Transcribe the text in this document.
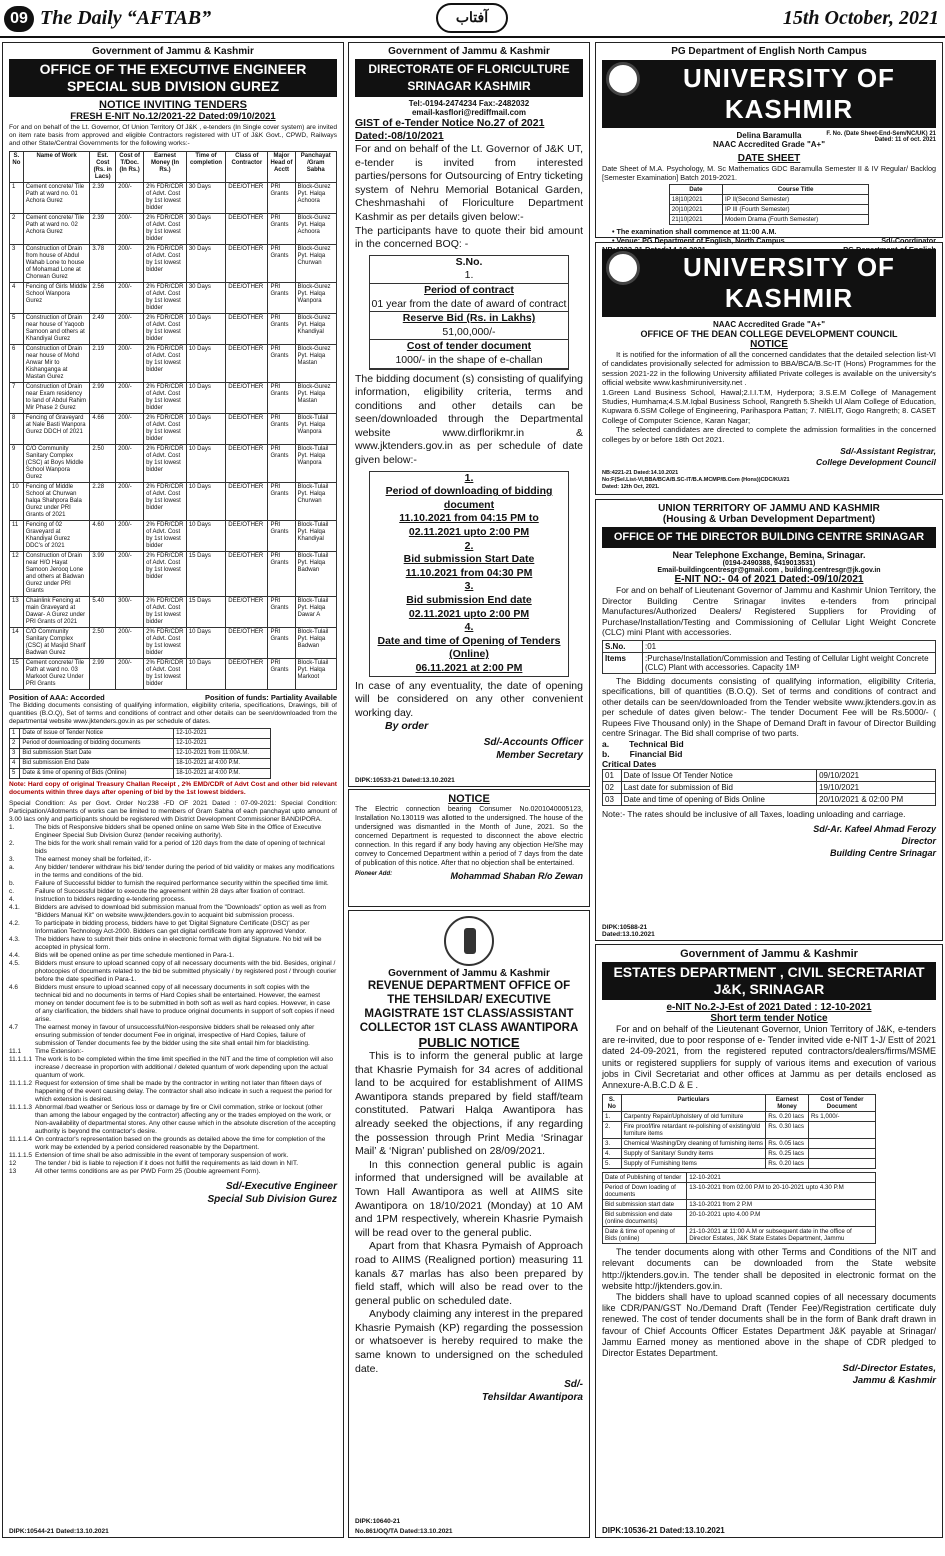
09 The Daily “AFTAB”	آفتاب	15th October, 2021
Government of Jammu & Kashmir
OFFICE OF THE EXECUTIVE ENGINEER SPECIAL SUB DIVISION GUREZ
NOTICE INVITING TENDERS
FRESH E-NIT No.12/2021-22 Dated:09/10/2021
For and on behalf of the Lt. Governor, Of Union Territory Of J&K , e-tenders (In Single cover system) are invited on item rate basis from approved and eligible Contractors registered with UT of J&K Govt., CPWD, Railways and other State/Central Governments for the following works:-
S. No	Name of Work	Est. Cost (Rs. in Lacs)	Cost of T/Doc. (In Rs.)	Earnest Money (In Rs.)	Time of completion	Class of Contractor	Major Head of Acctt	Panchayat /Gram Sabha
1	Cement concrete/ Tile Path at ward no. 01 Achora Gurez	2.39	200/-	2% FDR/CDR of Advt. Cost by 1st lowest bidder	30 Days	DEE/OTHER	PRI Grants	Block-Gurez Pyt. Halqa Achoora
2	Cement concrete/ Tile Path at ward no. 02 Achora Gurez	2.39	200/-	2% FDR/CDR of Advt. Cost by 1st lowest bidder	30 Days	DEE/OTHER	PRI Grants	Block-Gurez Pyt. Halqa Achoora
3	Construction of Drain from house of Abdul Wahab Lone to house of Mohamad Lone at Chorwan Gurez	3.78	200/-	2% FDR/CDR of Advt. Cost by 1st lowest bidder	30 Days	DEE/OTHER	PRI Grants	Block-Gurez Pyt. Halqa Churwan
4	Fencing of Girls Middle School Wanpora Gurez	2.56	200/-	2% FDR/CDR of Advt. Cost by 1st lowest bidder	30 Days	DEE/OTHER	PRI Grants	Block-Gurez Pyt. Halqa Wanpora
5	Construction of Drain near house of Yaqoob Samoon and others at Khandiyal Gurez	2.49	200/-	2% FDR/CDR of Advt. Cost by 1st lowest bidder	10 Days	DEE/OTHER	PRI Grants	Block-Gurez Pyt. Halqa Khandiyal
6	Construction of Drain near house of Mohd Anwar Mir to Kishanganga at Mastan Gurez	2.19	200/-	2% FDR/CDR of Advt. Cost by 1st lowest bidder	10 Days	DEE/OTHER	PRI Grants	Block-Gurez Pyt. Halqa Mastan
7	Construction of Drain near Exam residency to land of Abdul Rahim Mir Phase 2 Gurez	2.99	200/-	2% FDR/CDR of Advt. Cost by 1st lowest bidder	10 Days	DEE/OTHER	PRI Grants	Block-Gurez Pyt. Halqa Mastan
8	Fencing of Graveyard at Nale Basti Wanpora Gurez DDCH of 2021	4.66	200/-	2% FDR/CDR of Advt. Cost by 1st lowest bidder	10 Days	DEE/OTHER	PRI Grants	Block-Tulail Pyt. Halqa Wanpora
9	C/O Community Sanitary Complex (CSC) at Boys Middle School Wanpora Gurez	2.50	200/-	2% FDR/CDR of Advt. Cost by 1st lowest bidder	10 Days	DEE/OTHER	PRI Grants	Block-Tulail Pyt. Halqa Wanpora
10	Fencing of Middle School at Churwan halqa Shahpora Bala Gurez under PRI Grants of 2021	2.28	200/-	2% FDR/CDR of Advt. Cost by 1st lowest bidder	10 Days	DEE/OTHER	PRI Grants	Block-Tulail Pyt. Halqa Churwan
11	Fencing of 02 Graveyard at Khandiyal Gurez DDC's of 2021	4.60	200/-	2% FDR/CDR of Advt. Cost by 1st lowest bidder	10 Days	DEE/OTHER	PRI Grants	Block-Tulail Pyt. Halqa Khandiyal
12	Construction of Drain near H/O Hayat Samoon Jerooq Lone and others at Badwan Gurez under PRI Grants	3.99	200/-	2% FDR/CDR of Advt. Cost by 1st lowest bidder	15 Days	DEE/OTHER	PRI Grants	Block-Tulail Pyt. Halqa Badwan
13	Chainlink Fencing at main Graveyard at Dawar- A Gurez under PRI Grants of 2021	5.40	300/-	2% FDR/CDR of Advt. Cost by 1st lowest bidder	15 Days	DEE/OTHER	PRI Grants	Block-Tulail Pyt. Halqa Dawar A
14	C/O Community Sanitary Complex (CSC) at Masjid Sharif Badwan Gurez	2.50	200/-	2% FDR/CDR of Advt. Cost by 1st lowest bidder	10 Days	DEE/OTHER	PRI Grants	Block-Tulail Pyt. Halqa Badwan
15	Cement concrete/ Tile Path at ward no. 03 Markoot Gurez Under PRI Grants	2.99	200/-	2% FDR/CDR of Advt. Cost by 1st lowest bidder	10 Days	DEE/OTHER	PRI Grants	Block-Tulail Pyt. Halqa Markoot
Position of AAA: Accorded	Position of funds: Partiality Available
The Bidding documents consisting of qualifying information, eligibility criteria, specifications, Drawings, bill of quantities (B.O.Q), Set of terms and conditions of contract and other details can be seen/downloaded from the departmental website www.jktenders.gov.in as per schedule of dates.
1	Date of Issue of Tender Notice	12-10-2021
2	Period of downloading of bidding documents	12-10-2021
3	Bid submission Start Date	12-10-2021 from 11:00A.M.
4	Bid submission End Date	18-10-2021 at 4:00 P.M.
5	Date & time of opening of Bids (Online)	18-10-2021 at 4:00 P.M.
Note: Hard copy of original Treasury Challan Receipt , 2% EMD/CDR of Advt Cost and other bid relevant documents within three days after opening of bid by the 1st lowest bidders.
Special Condition: As per Govt. Order No:238 -FD OF 2021 Dated : 07-09-2021: Special Condition: Participation/Allotments of works can be limited to members of Gram Sabha of each panchayat upto amount of 3.00 lacs only and participants should be registered with District Development Commissioner BANDIPORA.
1.	The bids of Responsive bidders shall be opened online on same Web Site in the Office of Executive Engineer Special Sub Division Gurez (tender receiving authority).
2.	The bids for the work shall remain valid for a period of 120 days from the date of opening of technical bids
3.	The earnest money shall be forfeited, if:-
a.	Any bidder/ tenderer withdraw his bid/ tender during the period of bid validity or makes any modifications in the terms and conditions of the bid.
b.	Failure of Successful bidder to furnish the required performance security within the specified time limit.
c.	Failure of Successful bidder to execute the agreement within 28 days after fixation of contract.
4.	Instruction to bidders regarding e-tendering process.
4.1.	Bidders are advised to download bid submission manual from the "Downloads" option as well as from "Bidders Manual Kit" on website www.jktenders.gov.in to acquaint bid submission process.
4.2.	To participate in bidding process, bidders have to get 'Digital Signature Certificate (DSC)' as per Information Technology Act-2000. Bidders can get digital certificate from any approved Vendor.
4.3.	The bidders have to submit their bids online in electronic format with digital Signature. No bid will be accepted in physical form.
4.4.	Bids will be opened online as per time schedule mentioned in Para-1.
4.5.	Bidders must ensure to upload scanned copy of all necessary documents with the bid. Besides, original / photocopies of documents related to the bid be submitted physically / by registered post / through courier before the date specified in Para-1.
4.6	Bidders must ensure to upload scanned copy of all necessary documents in soft copies with the technical bid and no documents in terms of Hard Copies shall be entertained. However, the earnest money on tender document fee is to be submitted in both soft as well as hard copies. However, in case of any clarification, the bidders shall have to produce original documents in support of soft copies if need arise.
4.7	The earnest money in favour of unsuccessful/Non-responsive bidders shall be released only after ensuring submission of tender document Fee in original, irrespective of Hard Copies, failure of submission of Tender documents fee by the bidder using the site shall entail him for blacklisting.
11.1	Time Extension:-
11.1.1.1 The work is to be completed within the time limit specified in the NIT and the time of completion will also increase / decrease in proportion with additional / deleted quantum of work depending upon the actual quantum of work.
11.1.1.2 Request for extension of time shall be made by the contractor in writing not later than fifteen days of happening of the event causing delay. The contractor shall also indicate in such a request the period for which extension is desired.
11.1.1.3 Abnormal /bad weather or Serious loss or damage by fire or Civil commation, strike or lockout (other than among the labour engaged by the contractor) affecting any or the trades employed on the work, or Non-availability of departmental stores. Any other cause which in the absolute discretion of the accepting authority is beyond the contractor's desire.
11.1.1.4 On contractor's representation based on the grounds as detailed above the time for completion of the work may be extended by a period considered reasonable by the Department.
11.1.1.5 Extension of time shall be also admissible in the event of temporary suspension of work.
12	The tender / bid is liable to rejection if it does not fulfill the requirements as laid down in NIT.
13	All other terms conditions are as per PWD Form 25 (Double agreement Form).
Sd/-Executive Engineer
Special Sub Division Gurez
DIPK:10544-21 Dated:13.10.2021
Government of Jammu & Kashmir
DIRECTORATE OF FLORICULTURE SRINAGAR KASHMIR
Tel:-0194-2474234 Fax:-2482032
email-kasflori@rediffmail.com
GIST of e-Tender Notice No.27 of 2021 Dated:-08/10/2021
For and on behalf of the Lt. Governor of J&K UT, e-tender is invited from interested parties/persons for Outsourcing of Entry ticketing system of Nehru Memorial Botanical Garden, Cheshmashahi of Floriculture Department Kashmir as per details given below:-
The participants have to quote their bid amount in the concerned BOQ: -
S.No.
1.
Period of contract
01 year from the date of award of contract
Reserve Bid (Rs. in Lakhs)
51,00,000/-
Cost of tender document
1000/- in the shape of e-challan
The bidding document (s) consisting of qualifying information, eligibility criteria, terms and conditions and other details can be seen/downloaded through the Departmental website www.dirflorikmr.in & www.jktenders.gov.in as per schedule of date given below:-
1.
Period of downloading of bidding document
11.10.2021 from 04:15 PM to
02.11.2021 upto 2:00 PM
2.
Bid submission Start Date
11.10.2021 from 04:30 PM
3.
Bid submission End date
02.11.2021 upto 2:00 PM
4.
Date and time of Opening of Tenders (Online)
06.11.2021 at 2:00 PM
In case of any eventuality, the date of opening will be considered on any other convenient working day.
By order
Sd/-Accounts Officer
Member Secretary
DIPK:10533-21 Dated:13.10.2021
NOTICE
The Electric connection bearing Consumer No.0201040005123, Installation No.130119 was allotted to the undersigned. The house of the undersigned was dismantled in the Month of June, 2021. So the concerned Department is requested to disconnect the above electric connection. In this regard if any body having any objection He/She may convey to Concerned Department within a period of 7 days from the date of publication of this notice. After that no objection shall be entertained.
Pioneer Add:	Mohammad Shaban R/o Zewan
Government of Jammu & Kashmir
REVENUE DEPARTMENT OFFICE OF THE TEHSILDAR/ EXECUTIVE MAGISTRATE 1ST CLASS/ASSISTANT COLLECTOR 1ST CLASS AWANTIPORA
PUBLIC NOTICE
This is to inform the general public at large that Khasrie Pymaish for 34 acres of additional land to be acquired for establishment of AIIMS Awantipora stands prepared by field staff/team constituted. Patwari Halqa Awantipora has already seeked the objections, if any regarding the possession through Print Media ‘Srinagar Mail’ & ‘Nigran’ published on 28/09/2021.
In this connection general public is again informed that undersigned will be available at Town Hall Awantipora as well at AIIMS site Awantipora on 18/10/2021 (Monday) at 10 AM and 1PM respectively, wherein Khasrie Pymaish will be read over to the general public.
Apart from that Khasra Pymaish of Approach road to AIIMS (Realigned portion) measuring 11 kanals &7 marlas has also been prepared by field staff, which will also be read over to the general public on scheduled date.
Anybody claiming any interest in the prepared Khasrie Pymaish (KP) regarding the possession or whatsoever is hereby required to make the same known to undersigned on the scheduled date.
Sd/-
Tehsildar Awantipora
DIPK:10640-21
No.861/OQ/TA Dated:13.10.2021
PG Department of English North Campus
UNIVERSITY OF KASHMIR
Delina Baramulla
NAAC Accredited Grade "A+"
F. No. (Date Sheet-End-Sem/NC/UK) 21
Dated: 11 of oct. 2021
DATE SHEET
Date Sheet of M.A. Psychology, M. Sc Mathematics GDC Baramulla Semester II & IV Regular/ Backlog [Semester Examination] Batch 2019-2021.
Date	Course Title
18|10|2021	IP II(Second Semester)
20|10|2021	IP III (Fourth Semester)
21|10|2021	Modern Drama (Fourth Semester)
• The examination shall commence at 11:00 A.M.
• Venue: PG Department of English, North Campus	Sd/-Coordinator
UNIVERSITY OF KASHMIR
NAAC Accredited Grade "A+"
OFFICE OF THE DEAN COLLEGE DEVELOPMENT COUNCIL
NOTICE
It is notified for the information of all the concerned candidates that the detailed selection list-VI of candidates provisionally selected for admission to BBA/BCA/B.Sc-IT (Hons) Programmes for the session 2021-22 in the following University affiliated Private colleges is available on the university's official website www.kashmiruniversity.net .
1.Green Land Business School, Hawal;2.I.I.T.M, Hyderpora; 3.S.E.M College of Management Studies, Humhama;4.S.M.Iqbal Business School, Rangreth 5.Sheikh Ul Alam College of Education, Kupwara 6.SSM College of Engineering, Parihaspora Pattan; 7. NIELIT, Gogo Rangreth; 8. CASET College of Computer Science, Karan Nagar;
The selected candidates are directed to complete the admission formalities in the concerned colleges by or before 18th Oct 2021.
Sd/-Assistant Registrar,
College Development Council
NB:4221-21 Dated:14.10.2021
No:F(Sel.List-VI,BBA/BCA/B.SC-IT/B.A.MCMP/B.Com (Hons))CDC/KU/21
Dated: 12th Oct, 2021.
UNION TERRITORY OF JAMMU AND KASHMIR
(Housing & Urban Development Department)
OFFICE OF THE DIRECTOR BUILDING CENTRE SRINAGAR
Near Telephone Exchange, Bemina, Srinagar.
(0194-2490388, 9419013531)
Email-buildingcentresgr@gmail.com , building.centresgr@jk.gov.in
E-NIT NO:- 04 of 2021 Dated:-09/10/2021
For and on behalf of Lieutenant Governor of Jammu and Kashmir Union Territory, the Director Building Centre Srinagar invites e-tenders from principal Manufactures/Authorized Dealers/ Registered Suppliers for Providing of Purchase/Installation/Testing and Commissioning of Cellular Light Weight Concrete (CLC) mini Plant with accessories.
S.No.	:01
Items	:Purchase/Installation/Commission and Testing of Cellular Light weight Concrete (CLC) Plant with accessories. Capacity 1M³
The Bidding documents consisting of qualifying information, eligibility Criteria, specifications, bill of quantities (B.O.Q). Set of terms and conditions of contract and other details can be seen/downloaded from the Tender website www.jktenders.gov.in as per schedule of dates given below:- The tender Document Fee will be Rs.5000/- ( Rupees Five Thousand only) in the Shape of Demand Draft in favour of Director Building centre Srinagar. The Bid shall comprise of two parts.
a. Technical Bid
b. Financial Bid
Critical Dates
01	Date of Issue Of Tender Notice	09/10/2021
02	Last date for submission of Bid	19/10/2021
03	Date and time of opening of Bids Online	20/10/2021 & 02:00 PM
Note:- The rates should be inclusive of all Taxes, loading unloading and carriage.
Sd/-Ar. Kafeel Ahmad Ferozy
Director
Building Centre Srinagar
DIPK:10588-21 Dated:13.10.2021
Government of Jammu & Kashmir
ESTATES DEPARTMENT , CIVIL SECRETARIAT J&K, SRINAGAR
e-NIT No.2-J-Est of 2021 Dated : 12-10-2021
Short term tender Notice
For and on behalf of the Lieutenant Governor, Union Territory of J&K, e-tenders are re-invited, due to poor response of e- Tender invited vide e-NIT 1-J/ Estt of 2021 dated 24-09-2021, from the registered reputed contractors/dealers/firms/MSME units or registered suppliers for supply of various items and execution of various jobs in Civil Secretariat and other offices at Jammu as per details enclosed as Annexure-A.B.C.D & E .
S. No	Particulars	Earnest Money	Cost of Tender Document
1.	Carpentry Repair/Upholstery of old furniture	Rs. 0.20 lacs	Rs 1,000/-
2.	Fire proof/fire retardant re-polishing of existing/old furniture items	Rs. 0.30 lacs	
3.	Chemical Washing/Dry cleaning of furnishing items	Rs. 0.05 lacs	
4.	Supply of Sanitary/ Sundry items	Rs. 0.25 lacs	
5.	Supply of Furnishing Items	Rs. 0.20 lacs	
Date of Publishing of tender	12-10-2021
Period of Down loading of documents	13-10-2021 from 02.00 P.M to 20-10-2021 upto 4.30 P.M
Bid submission start date	13-10-2021 from 2 P.M
Bid submission end date (online documents)	20-10-2021 upto 4.00 P.M
Date & time of opening of Bids (online)	21-10-2021 at 11:00 A.M or subsequent date in the office of Director Estates, J&K State Estates Department, Jammu
The tender documents along with other Terms and Conditions of the NIT and relevant documents can be downloaded from the State website http://jktenders.gov.in. The tender shall be deposited in electronic format on the website http://jktenders.gov.in.
The bidders shall have to upload scanned copies of all necessary documents like CDR/PAN/GST No./Demand Draft (Tender Fee)/Registration certificate duly renewed. The cost of tender documents shall be in the form of Bank draft drawn in favour of Chief Accounts Officer Estates Department J&K payable at Srinagar/ Jammu Earned money as mentioned above in the shape of CDR pledged to Director Estates Department.
Sd/-Director Estates,
Jammu & Kashmir
DIPK:10536-21 Dated:13.10.2021
